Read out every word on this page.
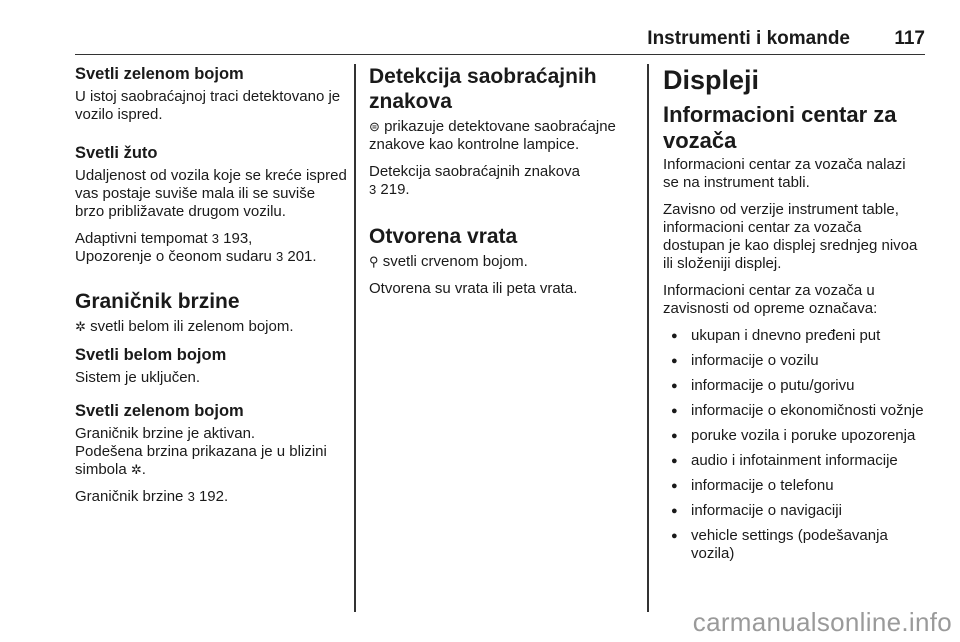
Instrumenti i komande 117
Svetli zelenom bojom

U istoj saobraćajnoj traci detektovano je vozilo ispred.

Svetli žuto

Udaljenost od vozila koje se kreće ispred vas postaje suviše mala ili se suviše brzo približavate drugom vozilu.

Adaptivni tempomat 3 193,

Upozorenje o čeonom sudaru 3 201.

Graničnik brzine

✲ svetli belom ili zelenom bojom.

Svetli belom bojom

Sistem je uključen.

Svetli zelenom bojom

Graničnik brzine je aktivan.

Podešena brzina prikazana je u blizini simbola ✲.

Graničnik brzine 3 192.

Detekcija saobraćajnih znakova

⊜ prikazuje detektovane saobraćajne znakove kao kontrolne lampice.

Detekcija saobraćajnih znakova
3 219.

Otvorena vrata

⚲ svetli crvenom bojom.

Otvorena su vrata ili peta vrata.

Displeji
Informacioni centar za vozača

Informacioni centar za vozača nalazi se na instrument tabli.

Zavisno od verzije instrument table, informacioni centar za vozača dostupan je kao displej srednjeg nivoa ili složeniji displej.

Informacioni centar za vozača u zavisnosti od opreme označava:

● ukupan i dnevno pređeni put
● informacije o vozilu
● informacije o putu/gorivu
● informacije o ekonomičnosti vožnje
● poruke vozila i poruke upozorenja
● audio i infotainment informacije
● informacije o telefonu
● informacije o navigaciji
● vehicle settings (podešavanja vozila)
carmanualsonline.info
